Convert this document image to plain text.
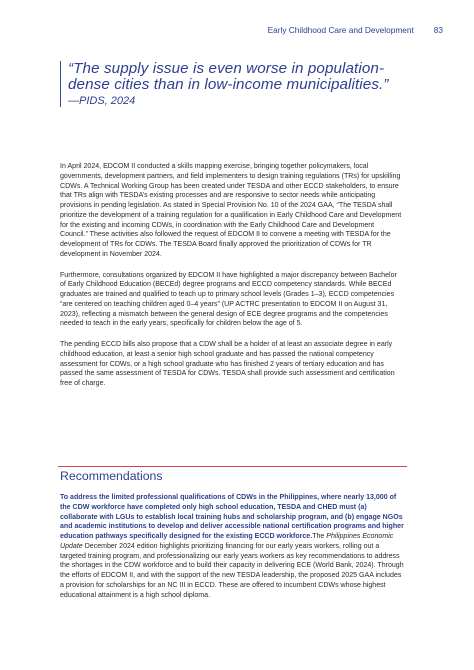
Early Childhood Care and Development 83

“The supply issue is even worse in population-dense cities than in low-income municipalities.”

—PIDS, 2024

In April 2024, EDCOM II conducted a skills mapping exercise, bringing together policymakers, local governments, development partners, and field implementers to design training regulations (TRs) for upskilling CDWs. A Technical Working Group has been created under TESDA and other ECCD stakeholders, to ensure that TRs align with TESDA’s existing processes and are responsive to sector needs while anticipating provisions in pending legislation. As stated in Special Provision No. 10 of the 2024 GAA, “The TESDA shall prioritize the development of a training regulation for a qualification in Early Childhood Care and Development for the existing and incoming CDWs, in coordination with the Early Childhood Care and Development Council.” These activities also followed the request of EDCOM II to convene a meeting with TESDA for the development of TRs for CDWs. The TESDA Board finally approved the prioritization of CDWs for TR development in November 2024.

Furthermore, consultations organized by EDCOM II have highlighted a major discrepancy between Bachelor of Early Childhood Education (BECEd) degree programs and ECCD competency standards. While BECEd graduates are trained and qualified to teach up to primary school levels (Grades 1–3), ECCD competencies “are centered on teaching children aged 0–4 years” (UP ACTRC presentation to EDCOM II on August 31, 2023), reflecting a mismatch between the general design of ECE degree programs and the competencies needed to teach in the early years, specifically for children below the age of 5.

The pending ECCD bills also propose that a CDW shall be a holder of at least an associate degree in early childhood education, at least a senior high school graduate and has passed the national competency assessment for CDWs, or a high school graduate who has finished 2 years of tertiary education and has passed the same assessment of TESDA for CDWs. TESDA shall provide such assessment and certification free of charge.

Recommendations
To address the limited professional qualifications of CDWs in the Philippines, where nearly 13,000 of the CDW workforce have completed only high school education, TESDA and CHED must (a) collaborate with LGUs to establish local training hubs and scholarship program, and (b) engage NGOs and academic institutions to develop and deliver accessible national certification programs and higher education pathways specifically designed for the existing ECCD workforce.The Philippines Economic Update December 2024 edition highlights prioritizing financing for our early years workers, rolling out a targeted training program, and professionalizing our early years workers as key recommendations to address the shortages in the CDW workforce and to build their capacity in delivering ECE (World Bank, 2024). Through the efforts of EDCOM II, and with the support of the new TESDA leadership, the proposed 2025 GAA includes a provision for scholarships for an NC III in ECCD. These are offered to incumbent CDWs whose highest educational attainment is a high school diploma.
